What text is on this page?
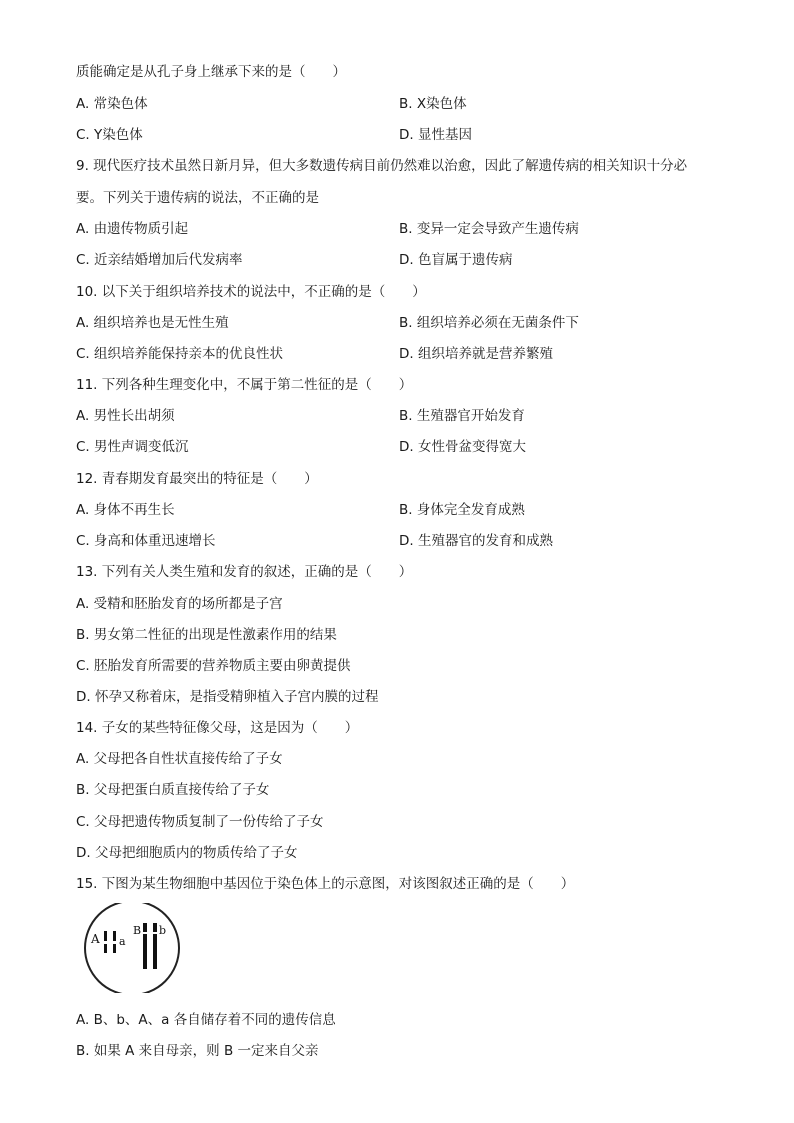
质能确定是从孔子身上继承下来的是（　　）
A. 常染色体	B. X染色体
C. Y染色体	D. 显性基因
9. 现代医疗技术虽然日新月异，但大多数遗传病目前仍然难以治愈，因此了解遗传病的相关知识十分必
要。下列关于遗传病的说法，不正确的是
A. 由遗传物质引起	B. 变异一定会导致产生遗传病
C. 近亲结婚增加后代发病率	D. 色盲属于遗传病
10. 以下关于组织培养技术的说法中，不正确的是（　　）
A. 组织培养也是无性生殖	B. 组织培养必须在无菌条件下
C. 组织培养能保持亲本的优良性状	D. 组织培养就是营养繁殖
11. 下列各种生理变化中，不属于第二性征的是（　　）
A. 男性长出胡须	B. 生殖器官开始发育
C. 男性声调变低沉	D. 女性骨盆变得宽大
12. 青春期发育最突出的特征是（　　）
A. 身体不再生长	B. 身体完全发育成熟
C. 身高和体重迅速增长	D. 生殖器官的发育和成熟
13. 下列有关人类生殖和发育的叙述，正确的是（　　）
A. 受精和胚胎发育的场所都是子宫
B. 男女第二性征的出现是性激素作用的结果
C. 胚胎发育所需要的营养物质主要由卵黄提供
D. 怀孕又称着床，是指受精卵植入子宫内膜的过程
14. 子女的某些特征像父母，这是因为（　　）
A. 父母把各自性状直接传给了子女
B. 父母把蛋白质直接传给了子女
C. 父母把遗传物质复制了一份传给了子女
D. 父母把细胞质内的物质传给了子女
15. 下图为某生物细胞中基因位于染色体上的示意图，对该图叙述正确的是（　　）
A a
B b
A. B、b、A、a 各自储存着不同的遗传信息
B. 如果 A 来自母亲，则 B 一定来自父亲
